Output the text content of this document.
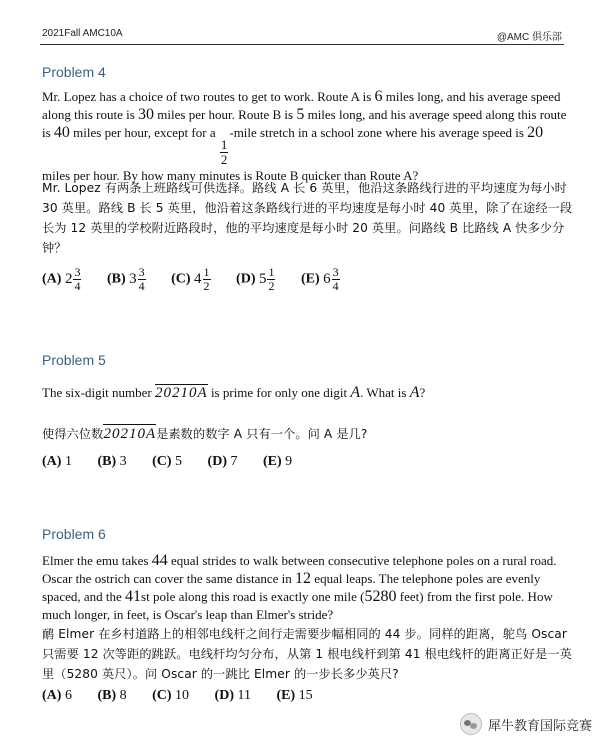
2021Fall AMC10A	@AMC 俱乐部
Problem 4
Mr. Lopez has a choice of two routes to get to work. Route A is 6 miles long, and his average speed along this route is 30 miles per hour. Route B is 5 miles long, and his average speed along this route is 40 miles per hour, except for a
$\frac{1}{2}$
-mile stretch in a school zone where his average speed is 20 miles per hour. By how many minutes is Route B quicker than Route A?
Mr. Lopez 有两条上班路线可供选择。路线 A 长 6 英里，他沿这条路线行进的平均速度为每小时 30 英里。路线 B 长 5 英里，他沿着这条路线行进的平均速度是每小时 40 英里，除了在途经一段长为 12 英里的学校附近路段时，他的平均速度是每小时 20 英里。问路线 B 比路线 A 快多少分钟？
(A) $2 \frac{3}{4} (B)$ $3 \frac{3}{4} (C)$ $4 \frac{1}{2} (D)$ $5 \frac{1}{2} (E)$ $6 \frac{3}{4}$
Problem 5
The six-digit number
20210A is prime for only one digit A. What is A?
使得六位数
20210A是素数的数字 A 只有一个。问 A 是几?
(A) 1 (B) 3 (C) 5 (D) 7 (E) 9
Problem 6
Elmer the emu takes 44 equal strides to walk between consecutive telephone poles on a rural road. Oscar the ostrich can cover the same distance in 12 equal leaps. The telephone poles are evenly spaced, and the 41st pole along this road is exactly one mile (5280 feet) from the first pole. How much longer, in feet, is Oscar's leap than Elmer's stride?
鸸 Elmer 在乡村道路上的相邻电线杆之间行走需要步幅相同的 44 步。同样的距离，鸵鸟 Oscar 只需要 12 次等距的跳跃。电线杆均匀分布，从第 1 根电线杆到第 41 根电线杆的距离正好是一英里（5280 英尺）。问 Oscar 的一跳比 Elmer 的一步长多少英尺?
(A) 6 (B) 8 (C) 10 (D) 11 (E) 15
犀牛教育国际竞赛
